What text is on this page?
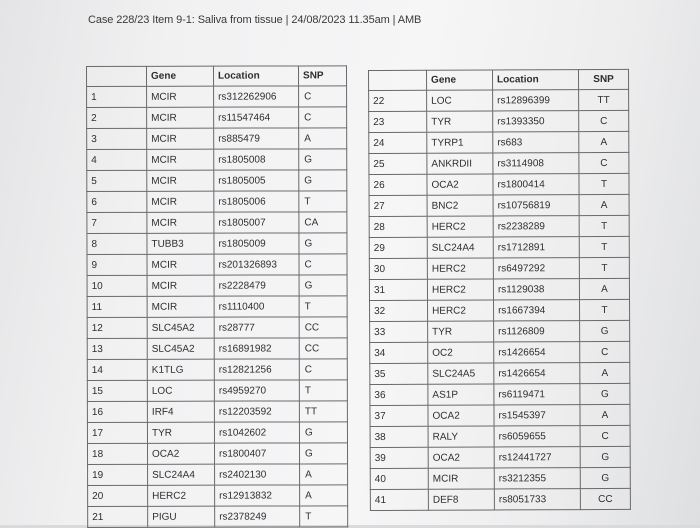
Case 228/23 Item 9-1: Saliva from tissue | 24/08/2023 11.35am | AMB
	Gene	Location	SNP
1	MCIR	rs312262906	C
2	MCIR	rs11547464	C
3	MCIR	rs885479	A
4	MCIR	rs1805008	G
5	MCIR	rs1805005	G
6	MCIR	rs1805006	T
7	MCIR	rs1805007	CA
8	TUBB3	rs1805009	G
9	MCIR	rs201326893	C
10	MCIR	rs2228479	G
11	MCIR	rs1110400	T
12	SLC45A2	rs28777	CC
13	SLC45A2	rs16891982	CC
14	K1TLG	rs12821256	C
15	LOC	rs4959270	T
16	IRF4	rs12203592	TT
17	TYR	rs1042602	G
18	OCA2	rs1800407	G
19	SLC24A4	rs2402130	A
20	HERC2	rs12913832	A
21	PIGU	rs2378249	T
	Gene	Location	SNP
22	LOC	rs12896399	TT
23	TYR	rs1393350	C
24	TYRP1	rs683	A
25	ANKRDII	rs3114908	C
26	OCA2	rs1800414	T
27	BNC2	rs10756819	A
28	HERC2	rs2238289	T
29	SLC24A4	rs1712891	T
30	HERC2	rs6497292	T
31	HERC2	rs1129038	A
32	HERC2	rs1667394	T
33	TYR	rs1126809	G
34	OC2	rs1426654	C
35	SLC24A5	rs1426654	A
36	AS1P	rs6119471	G
37	OCA2	rs1545397	A
38	RALY	rs6059655	C
39	OCA2	rs12441727	G
40	MCIR	rs3212355	G
41	DEF8	rs8051733	CC
